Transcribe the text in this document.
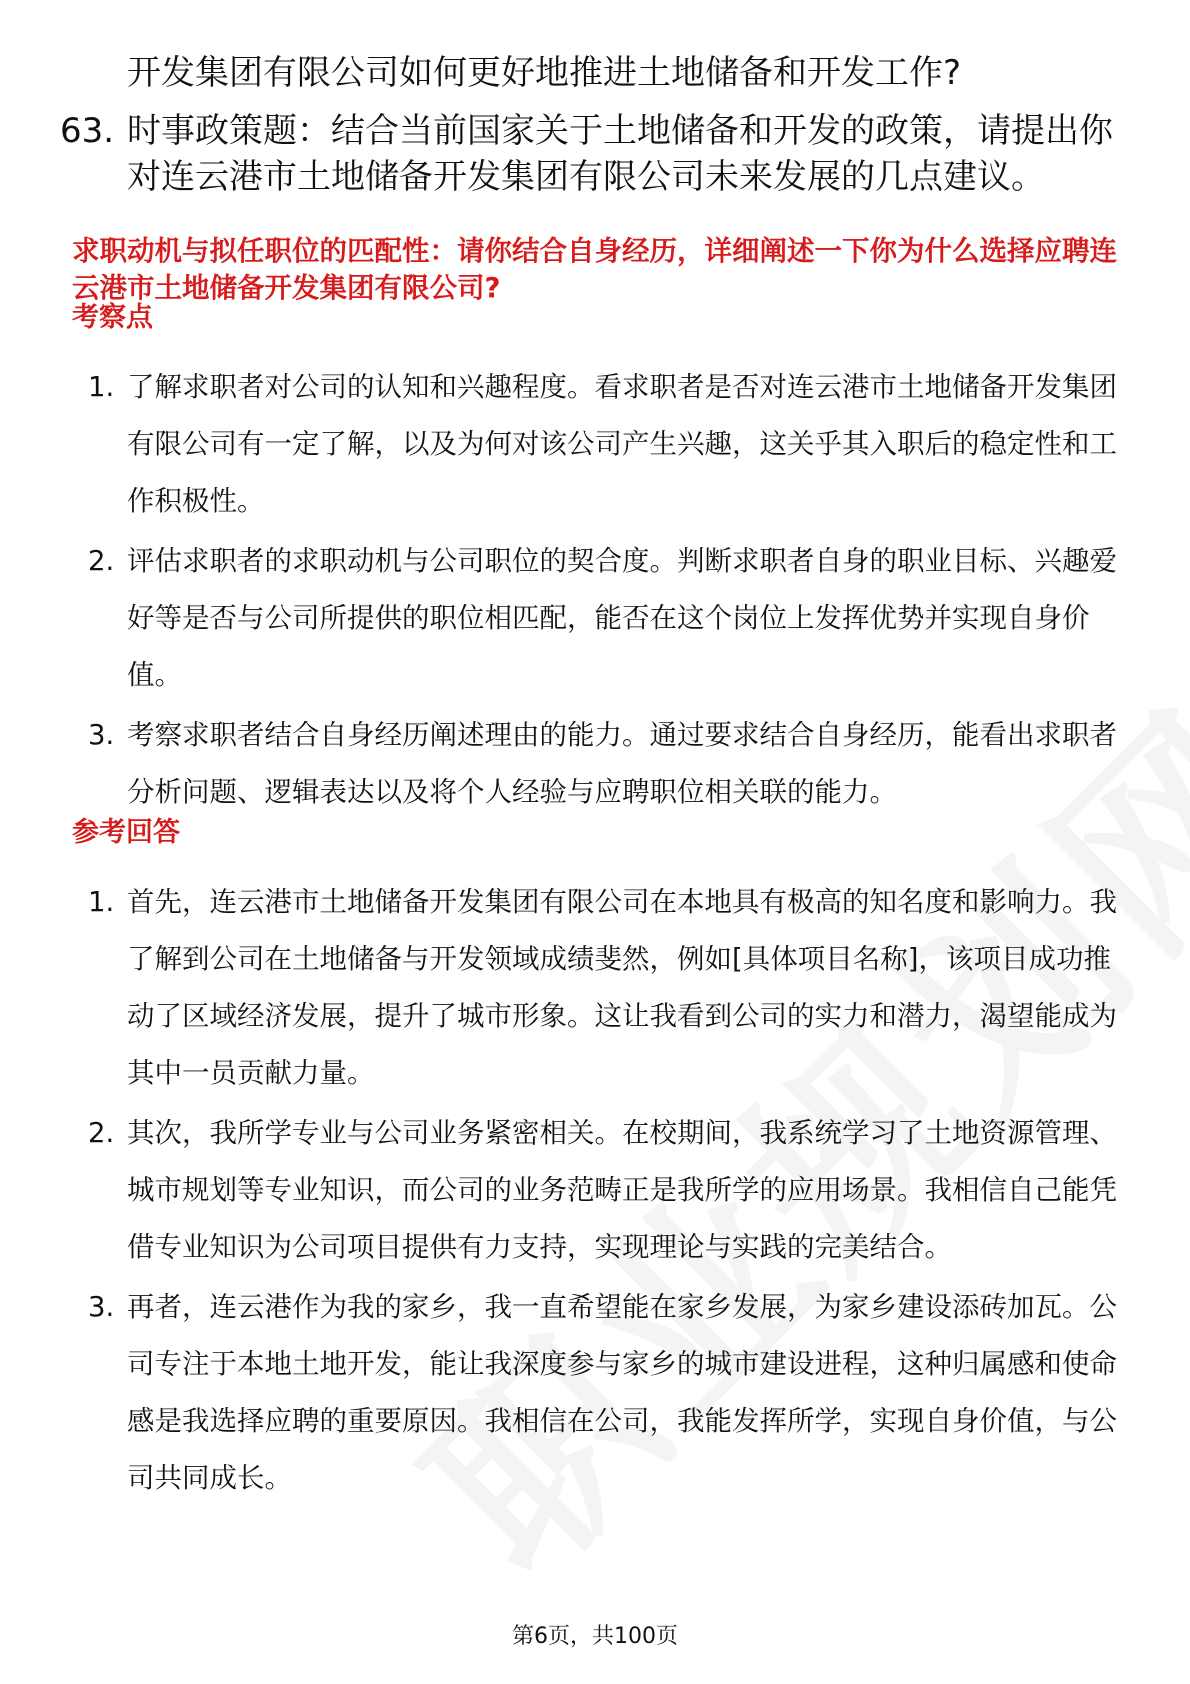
开发集团有限公司如何更好地推进土地储备和开发工作?
63. 时事政策题：结合当前国家关于土地储备和开发的政策，请提出你对连云港市土地储备开发集团有限公司未来发展的几点建议。
求职动机与拟任职位的匹配性：请你结合自身经历，详细阐述一下你为什么选择应聘连云港市土地储备开发集团有限公司?
考察点
1. 了解求职者对公司的认知和兴趣程度。看求职者是否对连云港市土地储备开发集团有限公司有一定了解，以及为何对该公司产生兴趣，这关乎其入职后的稳定性和工作积极性。
2. 评估求职者的求职动机与公司职位的契合度。判断求职者自身的职业目标、兴趣爱好等是否与公司所提供的职位相匹配，能否在这个岗位上发挥优势并实现自身价值。
3. 考察求职者结合自身经历阐述理由的能力。通过要求结合自身经历，能看出求职者分析问题、逻辑表达以及将个人经验与应聘职位相关联的能力。
参考回答
1. 首先，连云港市土地储备开发集团有限公司在本地具有极高的知名度和影响力。我了解到公司在土地储备与开发领域成绩斐然，例如[具体项目名称]，该项目成功推动了区域经济发展，提升了城市形象。这让我看到公司的实力和潜力，渴望能成为其中一员贡献力量。
2. 其次，我所学专业与公司业务紧密相关。在校期间，我系统学习了土地资源管理、城市规划等专业知识，而公司的业务范畴正是我所学的应用场景。我相信自己能凭借专业知识为公司项目提供有力支持，实现理论与实践的完美结合。
3. 再者，连云港作为我的家乡，我一直希望能在家乡发展，为家乡建设添砖加瓦。公司专注于本地土地开发，能让我深度参与家乡的城市建设进程，这种归属感和使命感是我选择应聘的重要原因。我相信在公司，我能发挥所学，实现自身价值，与公司共同成长。
第6页，共100页
